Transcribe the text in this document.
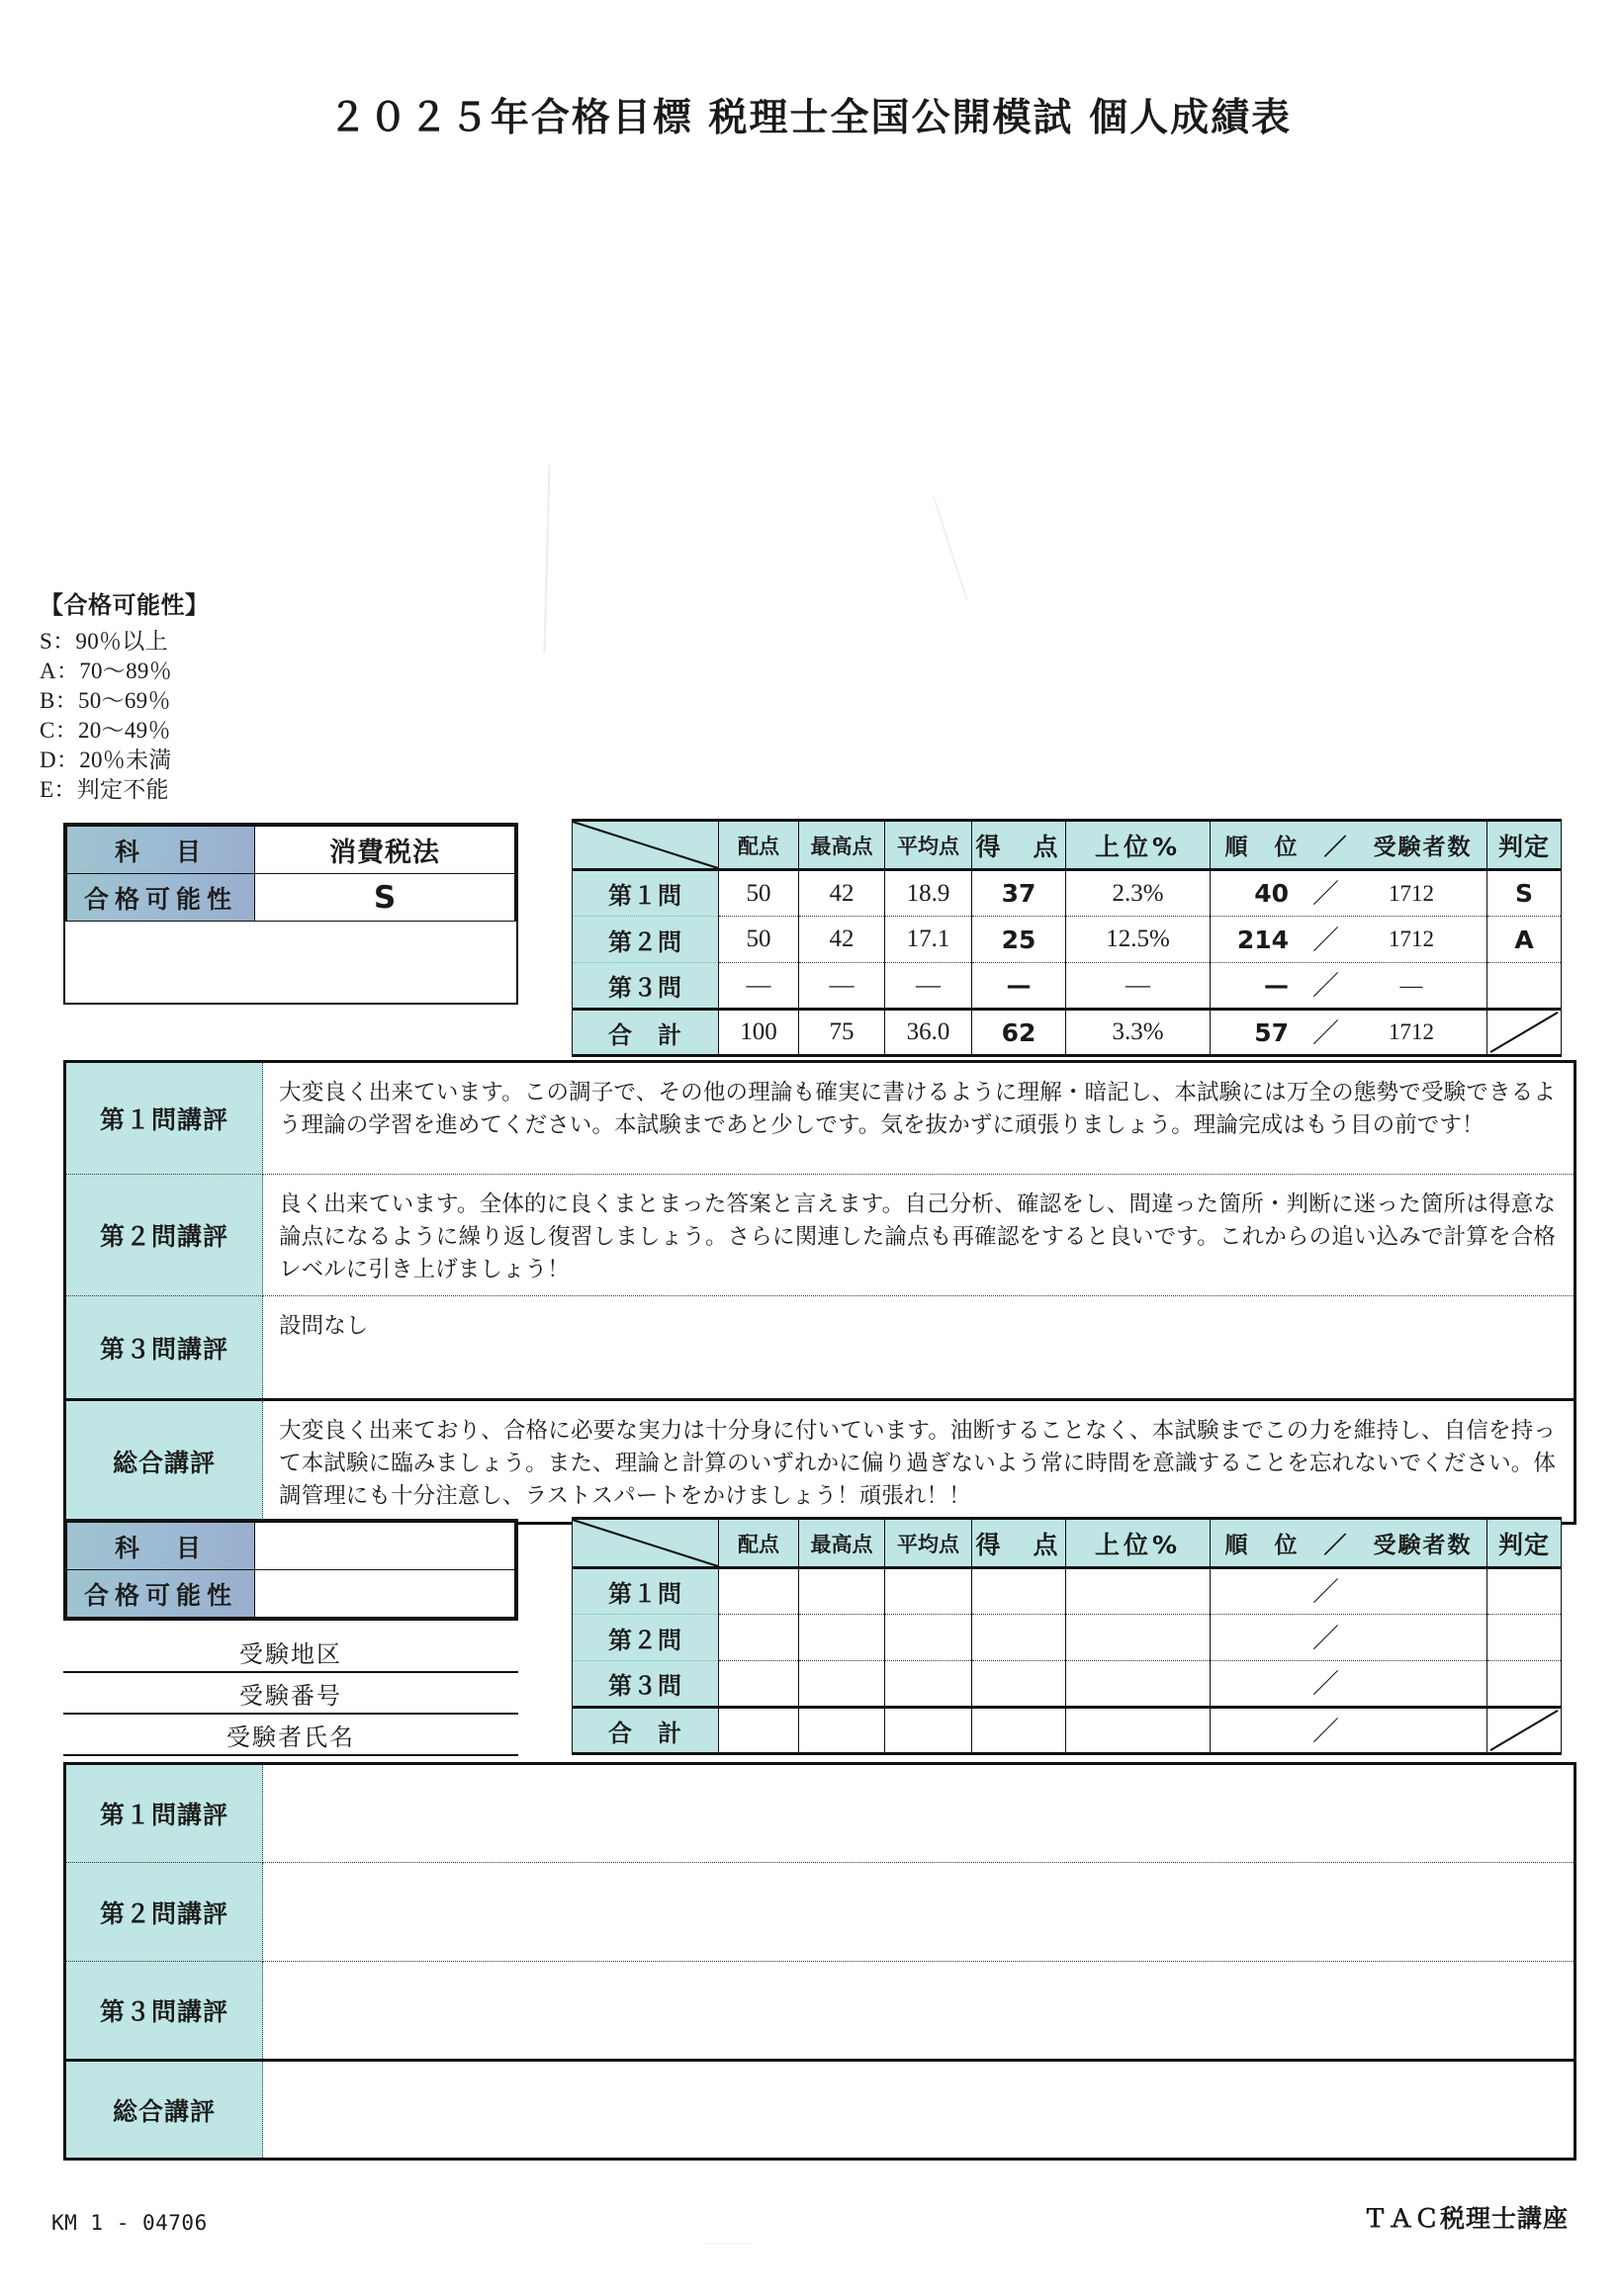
２０２５年合格目標 税理士全国公開模試 個人成績表
【合格可能性】
S：90％以上
A：70〜89％
B：50〜69％
C：20〜49％
D：20％未満
E：判定不能
科　目	消費税法
合格可能性	S
	配点	最高点	平均点	得　点	上位%	順　位　／　受験者数	判定
第１問	50	42	18.9	37	2.3%	40 ／ 1712	S
第２問	50	42	17.1	25	12.5%	214 ／ 1712	A
第３問	—	—	—	—	—	— ／ —	

合　計	100	75	36.0	62	3.3%	57 ／ 1712

第１問講評	大変良く出来ています。この調子で、その他の理論も確実に書けるように理解・暗記し、本試験には万全の態勢で受験できるよう理論の学習を進めてください。本試験まであと少しです。気を抜かずに頑張りましょう。理論完成はもう目の前です！
第２問講評	良く出来ています。全体的に良くまとまった答案と言えます。自己分析、確認をし、間違った箇所・判断に迷った箇所は得意な論点になるように繰り返し復習しましょう。さらに関連した論点も再確認をすると良いです。これからの追い込みで計算を合格レベルに引き上げましょう！
第３問講評	設問なし
総合講評	大変良く出来ており、合格に必要な実力は十分身に付いています。油断することなく、本試験までこの力を維持し、自信を持って本試験に臨みましょう。また、理論と計算のいずれかに偏り過ぎないよう常に時間を意識することを忘れないでください。体調管理にも十分注意し、ラストスパートをかけましょう！頑張れ！！
科　目	
合格可能性	
受験地区
受験番号
受験者氏名
	配点	最高点	平均点	得　点	上位%	順　位　／　受験者数	判定
第１問						／	

第２問						／	

第３問						／	

合　計						／

第１問講評	
第２問講評	
第３問講評	
総合講評	
KM 1 - 04706	ＴＡＣ税理士講座
